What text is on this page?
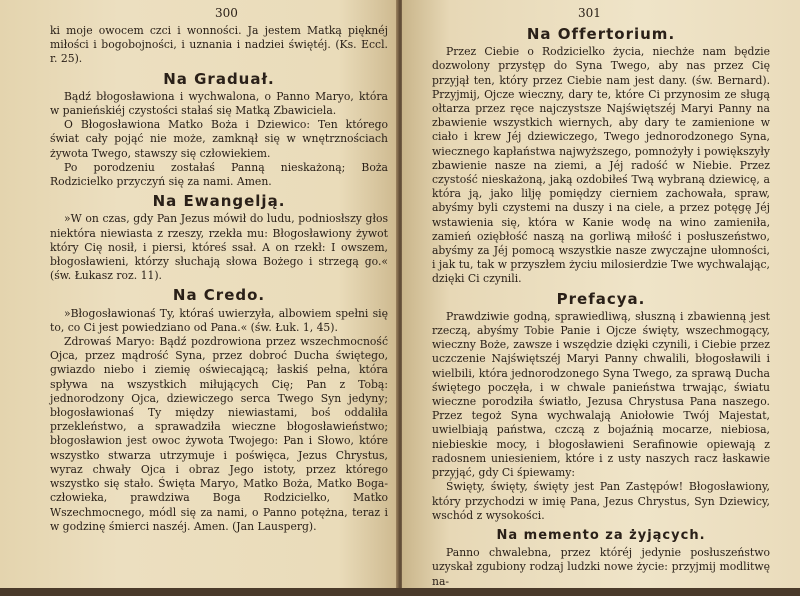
300

ki moje owocem czci i wonności. Ja jestem Matką pięknéj miłości i bogobojności, i uznania i nadziei świętéj. (Ks. Eccl. r. 25).

Na Graduał.

Bądź błogosławiona i wychwalona, o Panno Maryo, która w panieńskiéj czystości stałaś się Matką Zbawiciela.

O Błogosławiona Matko Boża i Dziewico: Ten którego świat cały pojąć nie może, zamknął się w wnętrznościach żywota Twego, stawszy się człowiekiem.

Po porodzeniu zostałaś Panną nieskażoną; Boża Rodzicielko przyczyń się za nami. Amen.

Na Ewangelją.

»W on czas, gdy Pan Jezus mówił do ludu, podniosłszy głos niektóra niewiasta z rzeszy, rzekła mu: Błogosławiony żywot który Cię nosił, i piersi, któreś ssał. A on rzekł: I owszem, błogosławieni, którzy słuchają słowa Bożego i strzegą go.« (św. Łukasz roz. 11).

Na Credo.

»Błogosławionaś Ty, któraś uwierzyła, albowiem spełni się to, co Ci jest powiedziano od Pana.« (św. Łuk. 1, 45).

Zdrowaś Maryo: Bądź pozdrowiona przez wszechmocność Ojca, przez mądrość Syna, przez dobroć Ducha świętego, gwiazdo niebo i ziemię oświecającą; łaskiś pełna, która spływa na wszystkich miłujących Cię; Pan z Tobą: jednorodzony Ojca, dziewiczego serca Twego Syn jedyny; błogosławionaś Ty między niewiastami, boś oddaliła przekleństwo, a sprawadziła wieczne błogosławieństwo; błogosławion jest owoc żywota Twojego: Pan i Słowo, które wszystko stwarza utrzymuje i poświęca, Jezus Chrystus, wyraz chwały Ojca i obraz Jego istoty, przez którego wszystko się stało. Święta Maryo, Matko Boża, Matko Boga-człowieka, prawdziwa Boga Rodzicielko, Matko Wszechmocnego, módl się za nami, o Panno potężna, teraz i w godzinę śmierci naszéj. Amen. (Jan Lausperg).

301
Na Offertorium.

Przez Ciebie o Rodzicielko życia, niechże nam będzie dozwolony przystęp do Syna Twego, aby nas przez Cię przyjął ten, który przez Ciebie nam jest dany. (św. Bernard). Przyjmij, Ojcze wieczny, dary te, które Ci przynosim ze sługą ołtarza przez ręce najczystsze Najświętszéj Maryi Panny na zbawienie wszystkich wiernych, aby dary te zamienione w ciało i krew Jéj dziewiczego, Twego jednorodzonego Syna, wiecznego kapłaństwa najwyższego, pomnożyły i powiększyły zbawienie nasze na ziemi, a Jéj radość w Niebie. Przez czystość nieskażoną, jaką ozdobiłeś Twą wybraną dziewicę, a która ją, jako lilję pomiędzy cierniem zachowała, spraw, abyśmy byli czystemi na duszy i na ciele, a przez potęgę Jéj wstawienia się, która w Kanie wodę na wino zamieniła, zamień oziębłość naszą na gorliwą miłość i posłuszeństwo, abyśmy za Jéj pomocą wszystkie nasze zwyczajne ułomności, i jak tu, tak w przyszłem życiu milosierdzie Twe wychwalając, dzięki Ci czynili.

Prefacya.

Prawdziwie godną, sprawiedliwą, słuszną i zbawienną jest rzeczą, abyśmy Tobie Panie i Ojcze święty, wszechmogący, wieczny Boże, zawsze i wszędzie dzięki czynili, i Ciebie przez uczczenie Najświętszéj Maryi Panny chwalili, błogosławili i wielbili, która jednorodzonego Syna Twego, za sprawą Ducha świętego poczęła, i w chwale panieństwa trwając, światu wieczne porodziła światło, Jezusa Chrystusa Pana naszego. Przez tegoż Syna wychwalają Aniołowie Twój Majestat, uwielbiają państwa, czczą z bojaźnią mocarze, niebiosa, niebieskie mocy, i błogosławieni Serafinowie opiewają z radosnem uniesieniem, które i z usty naszych racz łaskawie przyjąć, gdy Ci śpiewamy:

Święty, święty, święty jest Pan Zastępów! Błogosławiony, który przychodzi w imię Pana, Jezus Chrystus, Syn Dziewicy, wschód z wysokości.

Na memento za żyjących.

Panno chwalebna, przez któréj jedynie posłuszeństwo uzyskał zgubiony rodzaj ludzki nowe życie: przyjmij modlitwę na-
